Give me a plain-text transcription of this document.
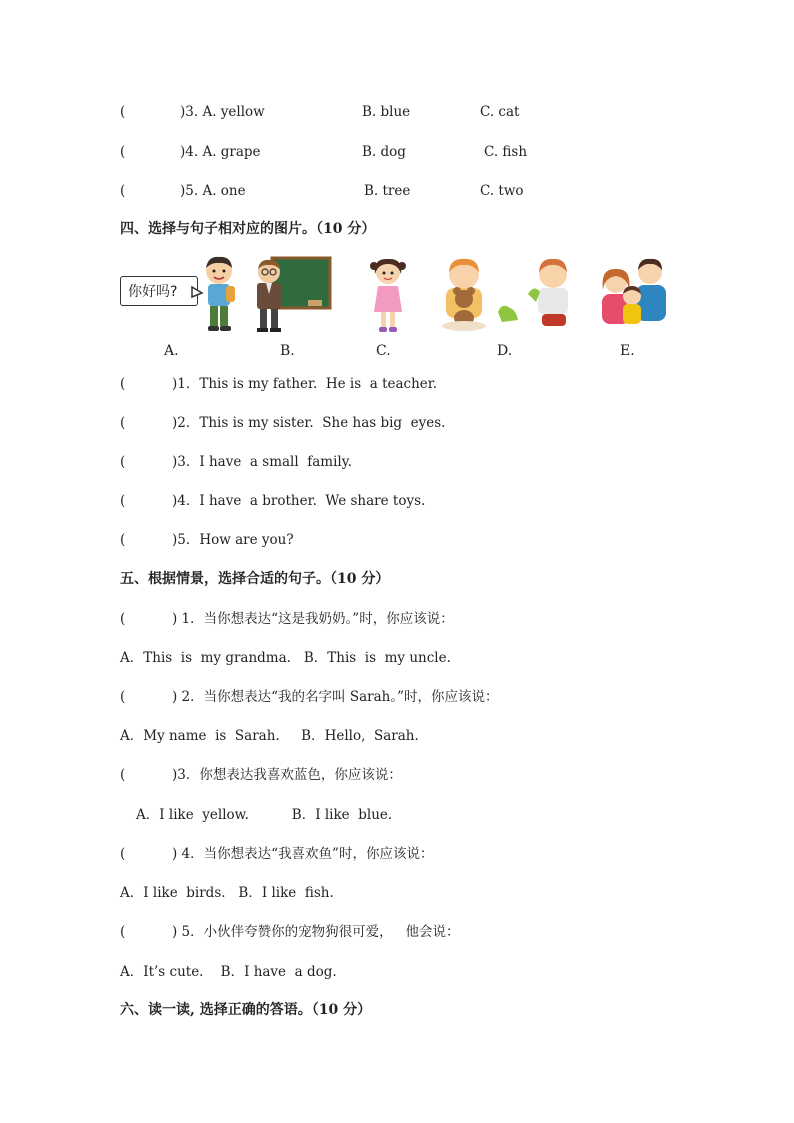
(	)3. A. yellow	B. blue	C. cat
(	)4. A. grape	B. dog	C. fish
(	)5. A. one	B. tree	C. two
四、选择与句子相对应的图片。（10 分）
你好吗?
A.	B.	C.	D.	E.
(	)1．This is my father.  He is  a teacher.
(	)2．This is my sister.  She has big  eyes.
(	)3．I have  a small  family.
(	)4．I have  a brother.  We share toys.
(	)5．How are you?
五、根据情景，选择合适的句子。（10 分）
(	) 1．当你想表达“这是我奶奶。”时，你应该说：
A．This  is  my grandma.   B．This  is  my uncle.
(	) 2．当你想表达“我的名字叫 Sarah。”时，你应该说：
A．My name  is  Sarah.     B．Hello,  Sarah.
(	)3．你想表达我喜欢蓝色，你应该说：
A．I like  yellow.          B．I like  blue.
(	) 4．当你想表达“我喜欢鱼”时，你应该说：
A．I like  birds.   B．I like  fish.
(	) 5．小伙伴夸赞你的宠物狗很可爱，   他会说：
A．It’s cute.    B．I have  a dog.
六、读一读, 选择正确的答语。（10 分）
